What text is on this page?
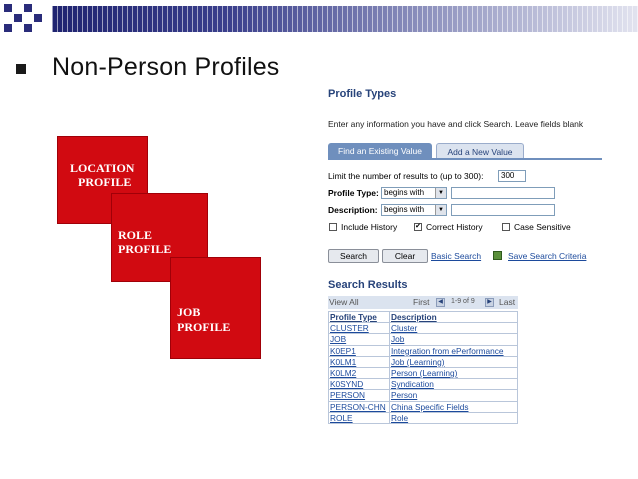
Non-Person Profiles
LOCATION
PROFILE
ROLE
PROFILE
JOB
PROFILE
Profile Types
Enter any information you have and click Search. Leave fields blank
Find an Existing Value	Add a New Value
Limit the number of results to (up to 300):	300
Profile Type: begins with	▼
Description: begins with	▼
Include History	✔ Correct History	Case Sensitive
Search	Clear	Basic Search	Save Search Criteria
Search Results
View All	First	◀	1-9 of 9	▶ Last
Profile Type	Description
CLUSTER	Cluster
JOB	Job
K0EP1	Integration from ePerformance
K0LM1	Job (Learning)
K0LM2	Person (Learning)
K0SYND	Syndication
PERSON	Person
PERSON-CHN	China Specific Fields
ROLE	Role
